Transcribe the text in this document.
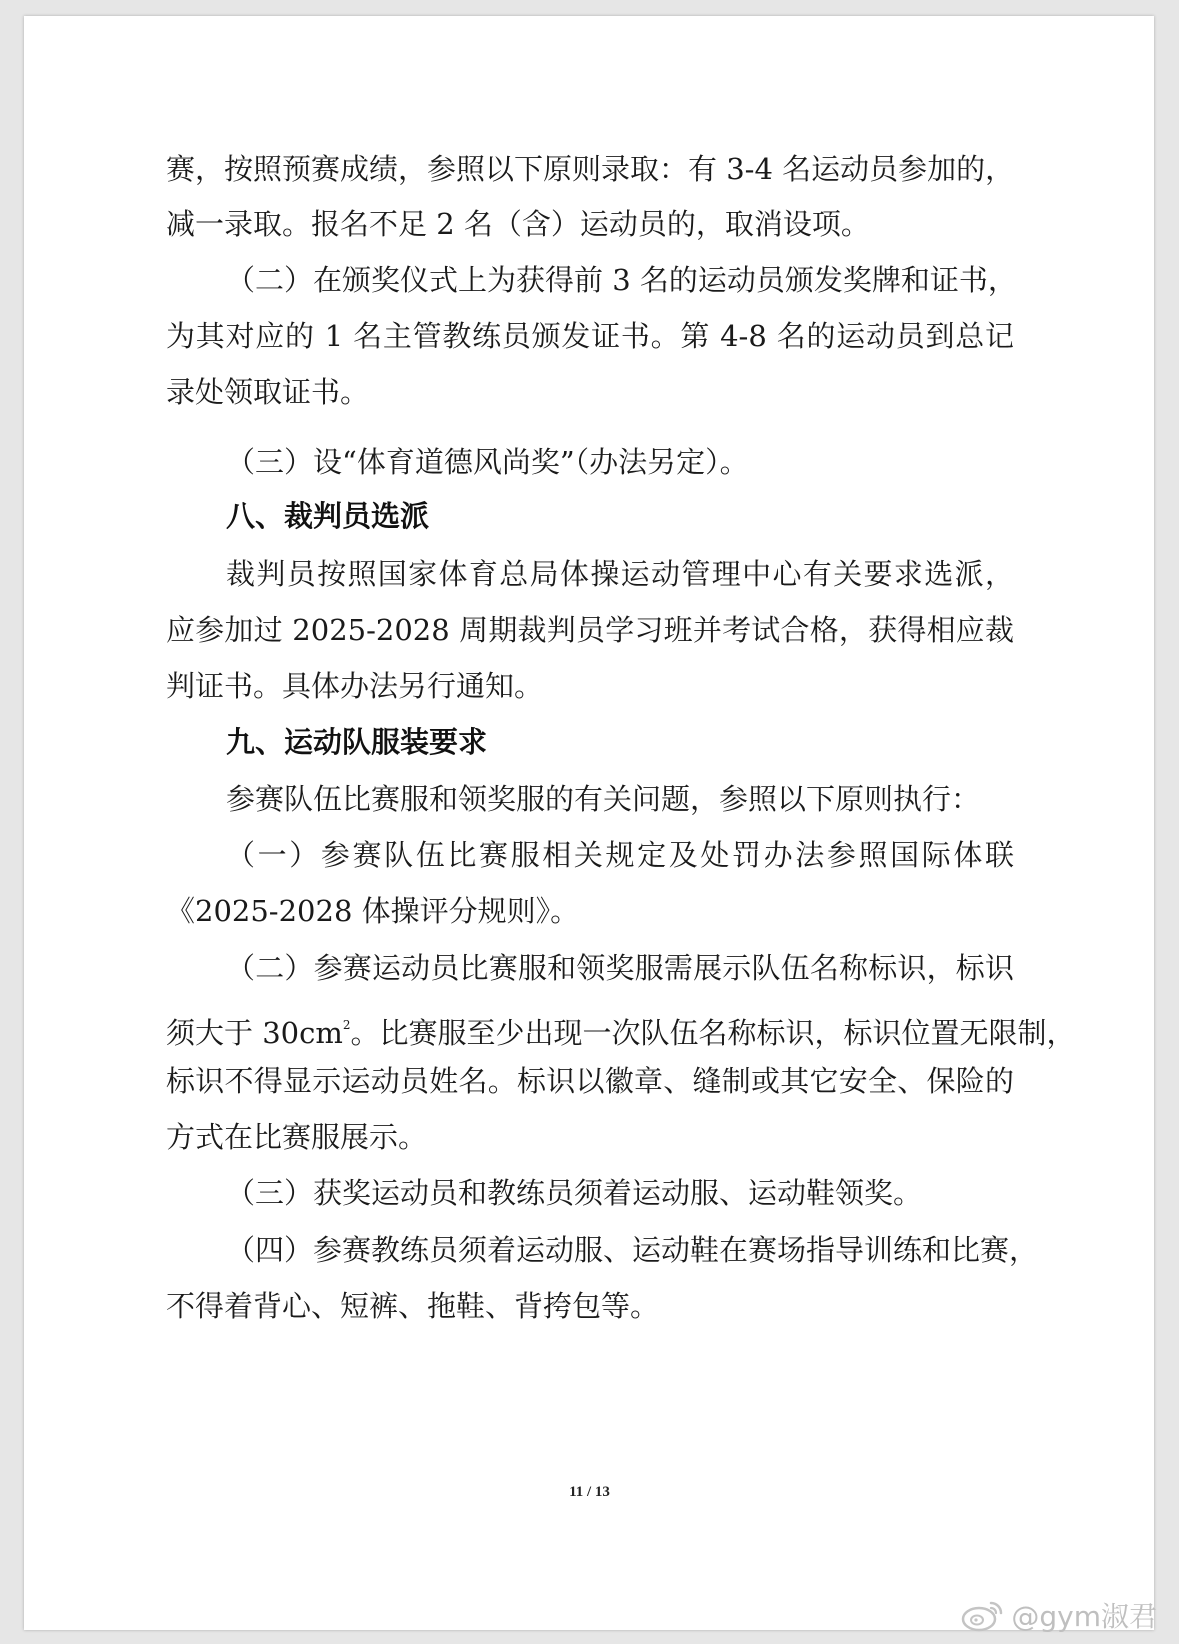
赛，按照预赛成绩，参照以下原则录取：有 3-4 名运动员参加的，
减一录取。报名不足 2 名（含）运动员的，取消设项。
（二）在颁奖仪式上为获得前 3 名的运动员颁发奖牌和证书，
为其对应的 1 名主管教练员颁发证书。第 4-8 名的运动员到总记
录处领取证书。
（三）设“体育道德风尚奖”（办法另定）。
八、裁判员选派
裁判员按照国家体育总局体操运动管理中心有关要求选派，
应参加过 2025-2028 周期裁判员学习班并考试合格，获得相应裁
判证书。具体办法另行通知。
九、运动队服装要求
参赛队伍比赛服和领奖服的有关问题，参照以下原则执行：
（一）参赛队伍比赛服相关规定及处罚办法参照国际体联
《2025-2028 体操评分规则》。
（二）参赛运动员比赛服和领奖服需展示队伍名称标识，标识
须大于 $30cm^2$。比赛服至少出现一次队伍名称标识，标识位置无限制，
标识不得显示运动员姓名。标识以徽章、缝制或其它安全、保险的
方式在比赛服展示。
（三）获奖运动员和教练员须着运动服、运动鞋领奖。
（四）参赛教练员须着运动服、运动鞋在赛场指导训练和比赛，
不得着背心、短裤、拖鞋、背挎包等。
11 / 13
@gym淑君
